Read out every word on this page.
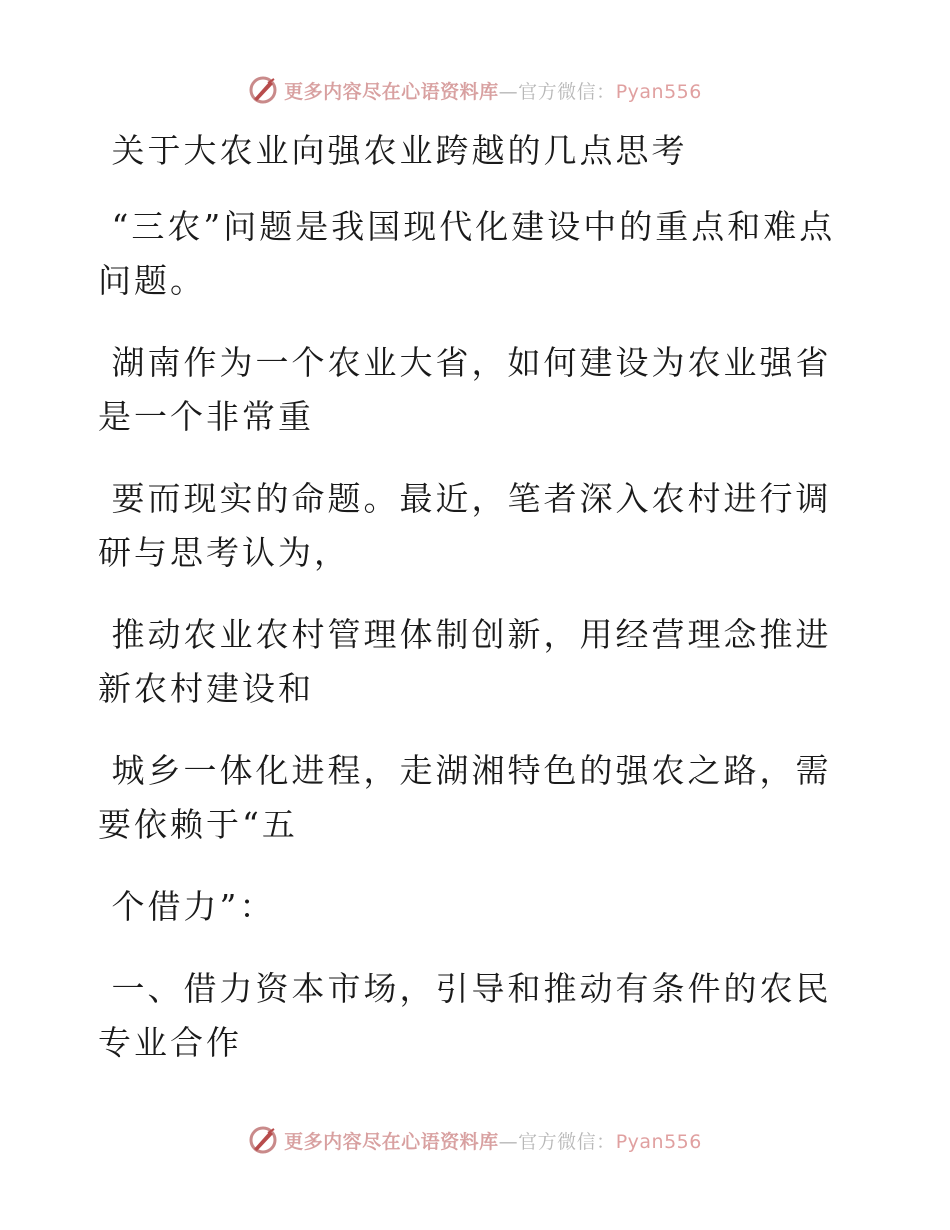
更多内容尽在心语资料库—官方微信：Pyan556

关于大农业向强农业跨越的几点思考

“三农”问题是我国现代化建设中的重点和难点问题。

湖南作为一个农业大省，如何建设为农业强省是一个非常重

要而现实的命题。最近，笔者深入农村进行调研与思考认为，

推动农业农村管理体制创新，用经营理念推进新农村建设和

城乡一体化进程，走湖湘特色的强农之路，需要依赖于“五

个借力”：

一、借力资本市场，引导和推动有条件的农民专业合作

更多内容尽在心语资料库—官方微信：Pyan556
